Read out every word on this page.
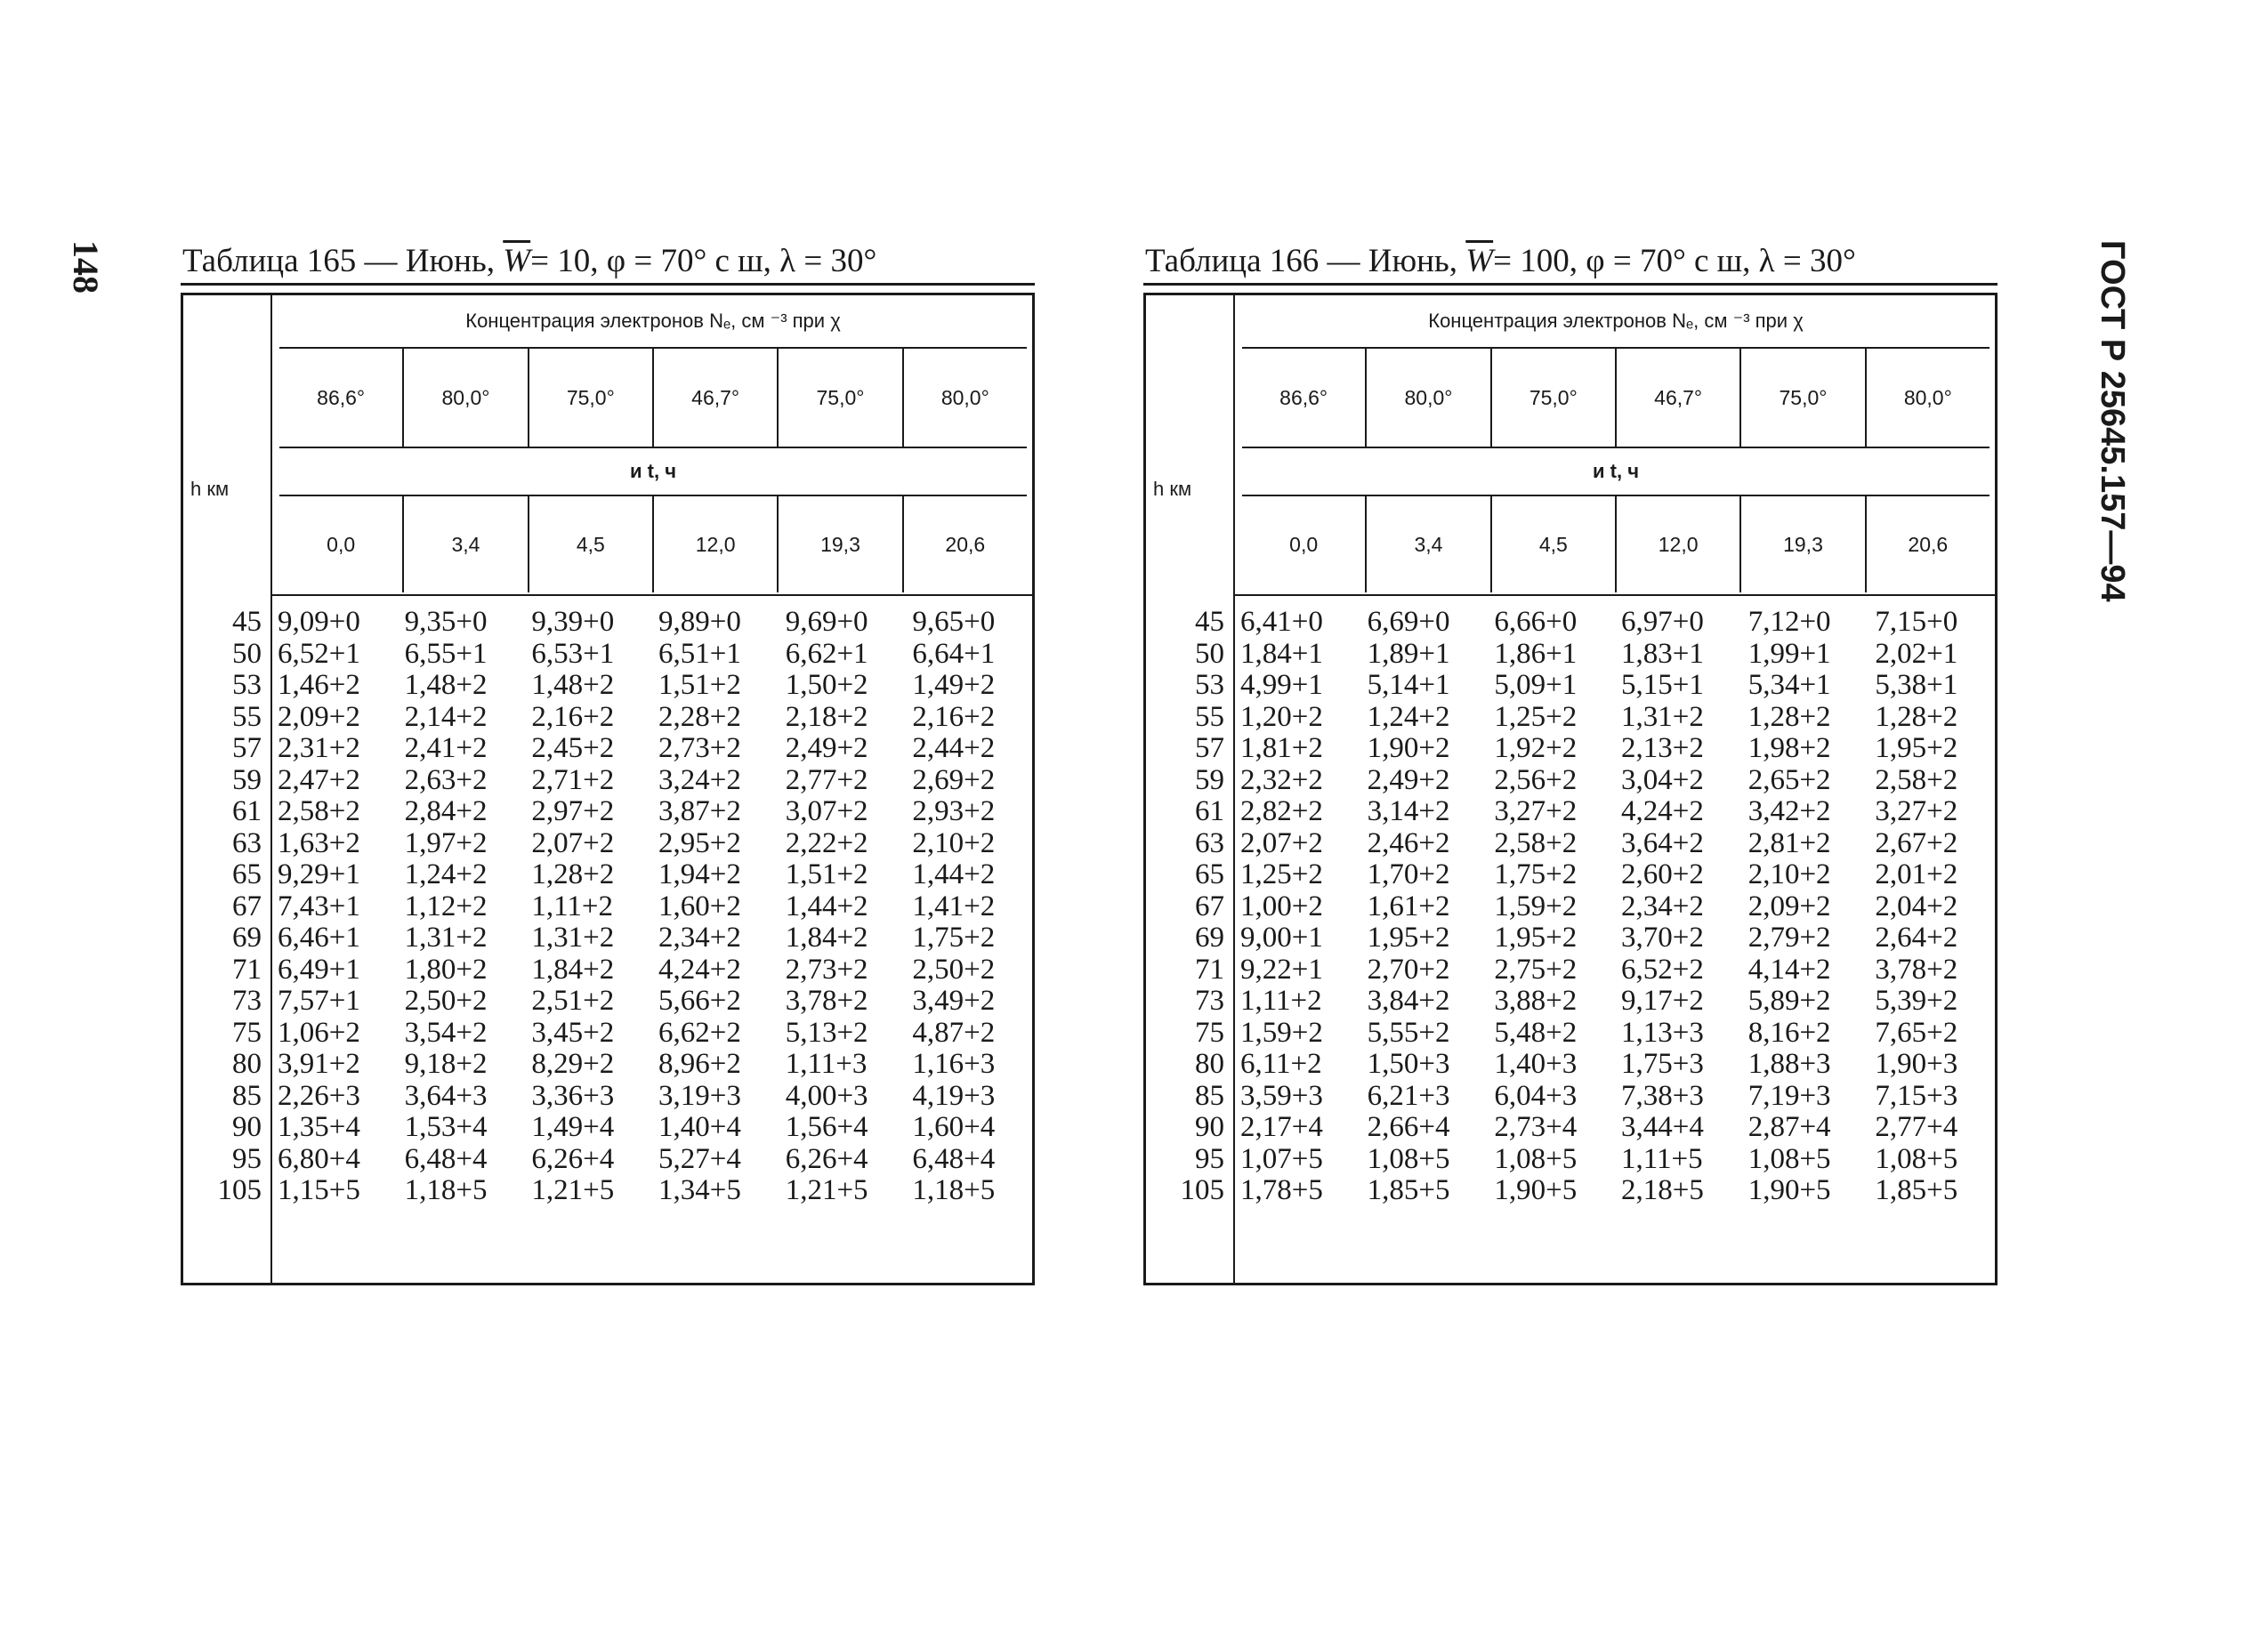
148	ГОСТ Р 25645.157—94
Таблица 165 — Июнь, $\overline{W}= 10$, φ = 70° с ш, λ = 30°
h км
Концентрация электронов Nₑ, см ⁻³ при χ
86,6°	80,0°	75,0°	46,7°	75,0°	80,0°
и t, ч
0,0	3,4	4,5	12,0	19,3	20,6
45 9,09+0	9,35+0	9,39+0	9,89+0	9,69+0	9,65+0
50 6,52+1	6,55+1	6,53+1	6,51+1	6,62+1	6,64+1
53 1,46+2	1,48+2	1,48+2	1,51+2	1,50+2	1,49+2
55 2,09+2	2,14+2	2,16+2	2,28+2	2,18+2	2,16+2
57 2,31+2	2,41+2	2,45+2	2,73+2	2,49+2	2,44+2
59 2,47+2	2,63+2	2,71+2	3,24+2	2,77+2	2,69+2
61 2,58+2	2,84+2	2,97+2	3,87+2	3,07+2	2,93+2
63 1,63+2	1,97+2	2,07+2	2,95+2	2,22+2	2,10+2
65 9,29+1	1,24+2	1,28+2	1,94+2	1,51+2	1,44+2
67 7,43+1	1,12+2	1,11+2	1,60+2	1,44+2	1,41+2
69 6,46+1	1,31+2	1,31+2	2,34+2	1,84+2	1,75+2
71 6,49+1	1,80+2	1,84+2	4,24+2	2,73+2	2,50+2
73 7,57+1	2,50+2	2,51+2	5,66+2	3,78+2	3,49+2
75 1,06+2	3,54+2	3,45+2	6,62+2	5,13+2	4,87+2
80 3,91+2	9,18+2	8,29+2	8,96+2	1,11+3	1,16+3
85 2,26+3	3,64+3	3,36+3	3,19+3	4,00+3	4,19+3
90 1,35+4	1,53+4	1,49+4	1,40+4	1,56+4	1,60+4
95 6,80+4	6,48+4	6,26+4	5,27+4	6,26+4	6,48+4
105 1,15+5	1,18+5	1,21+5	1,34+5	1,21+5	1,18+5
Таблица 166 — Июнь, $\overline{W}= 100$, φ = 70° с ш, λ = 30°
h км
Концентрация электронов Nₑ, см ⁻³ при χ
86,6°	80,0°	75,0°	46,7°	75,0°	80,0°
и t, ч
0,0	3,4	4,5	12,0	19,3	20,6
45 6,41+0	6,69+0	6,66+0	6,97+0	7,12+0	7,15+0
50 1,84+1	1,89+1	1,86+1	1,83+1	1,99+1	2,02+1
53 4,99+1	5,14+1	5,09+1	5,15+1	5,34+1	5,38+1
55 1,20+2	1,24+2	1,25+2	1,31+2	1,28+2	1,28+2
57 1,81+2	1,90+2	1,92+2	2,13+2	1,98+2	1,95+2
59 2,32+2	2,49+2	2,56+2	3,04+2	2,65+2	2,58+2
61 2,82+2	3,14+2	3,27+2	4,24+2	3,42+2	3,27+2
63 2,07+2	2,46+2	2,58+2	3,64+2	2,81+2	2,67+2
65 1,25+2	1,70+2	1,75+2	2,60+2	2,10+2	2,01+2
67 1,00+2	1,61+2	1,59+2	2,34+2	2,09+2	2,04+2
69 9,00+1	1,95+2	1,95+2	3,70+2	2,79+2	2,64+2
71 9,22+1	2,70+2	2,75+2	6,52+2	4,14+2	3,78+2
73 1,11+2	3,84+2	3,88+2	9,17+2	5,89+2	5,39+2
75 1,59+2	5,55+2	5,48+2	1,13+3	8,16+2	7,65+2
80 6,11+2	1,50+3	1,40+3	1,75+3	1,88+3	1,90+3
85 3,59+3	6,21+3	6,04+3	7,38+3	7,19+3	7,15+3
90 2,17+4	2,66+4	2,73+4	3,44+4	2,87+4	2,77+4
95 1,07+5	1,08+5	1,08+5	1,11+5	1,08+5	1,08+5
105 1,78+5	1,85+5	1,90+5	2,18+5	1,90+5	1,85+5
